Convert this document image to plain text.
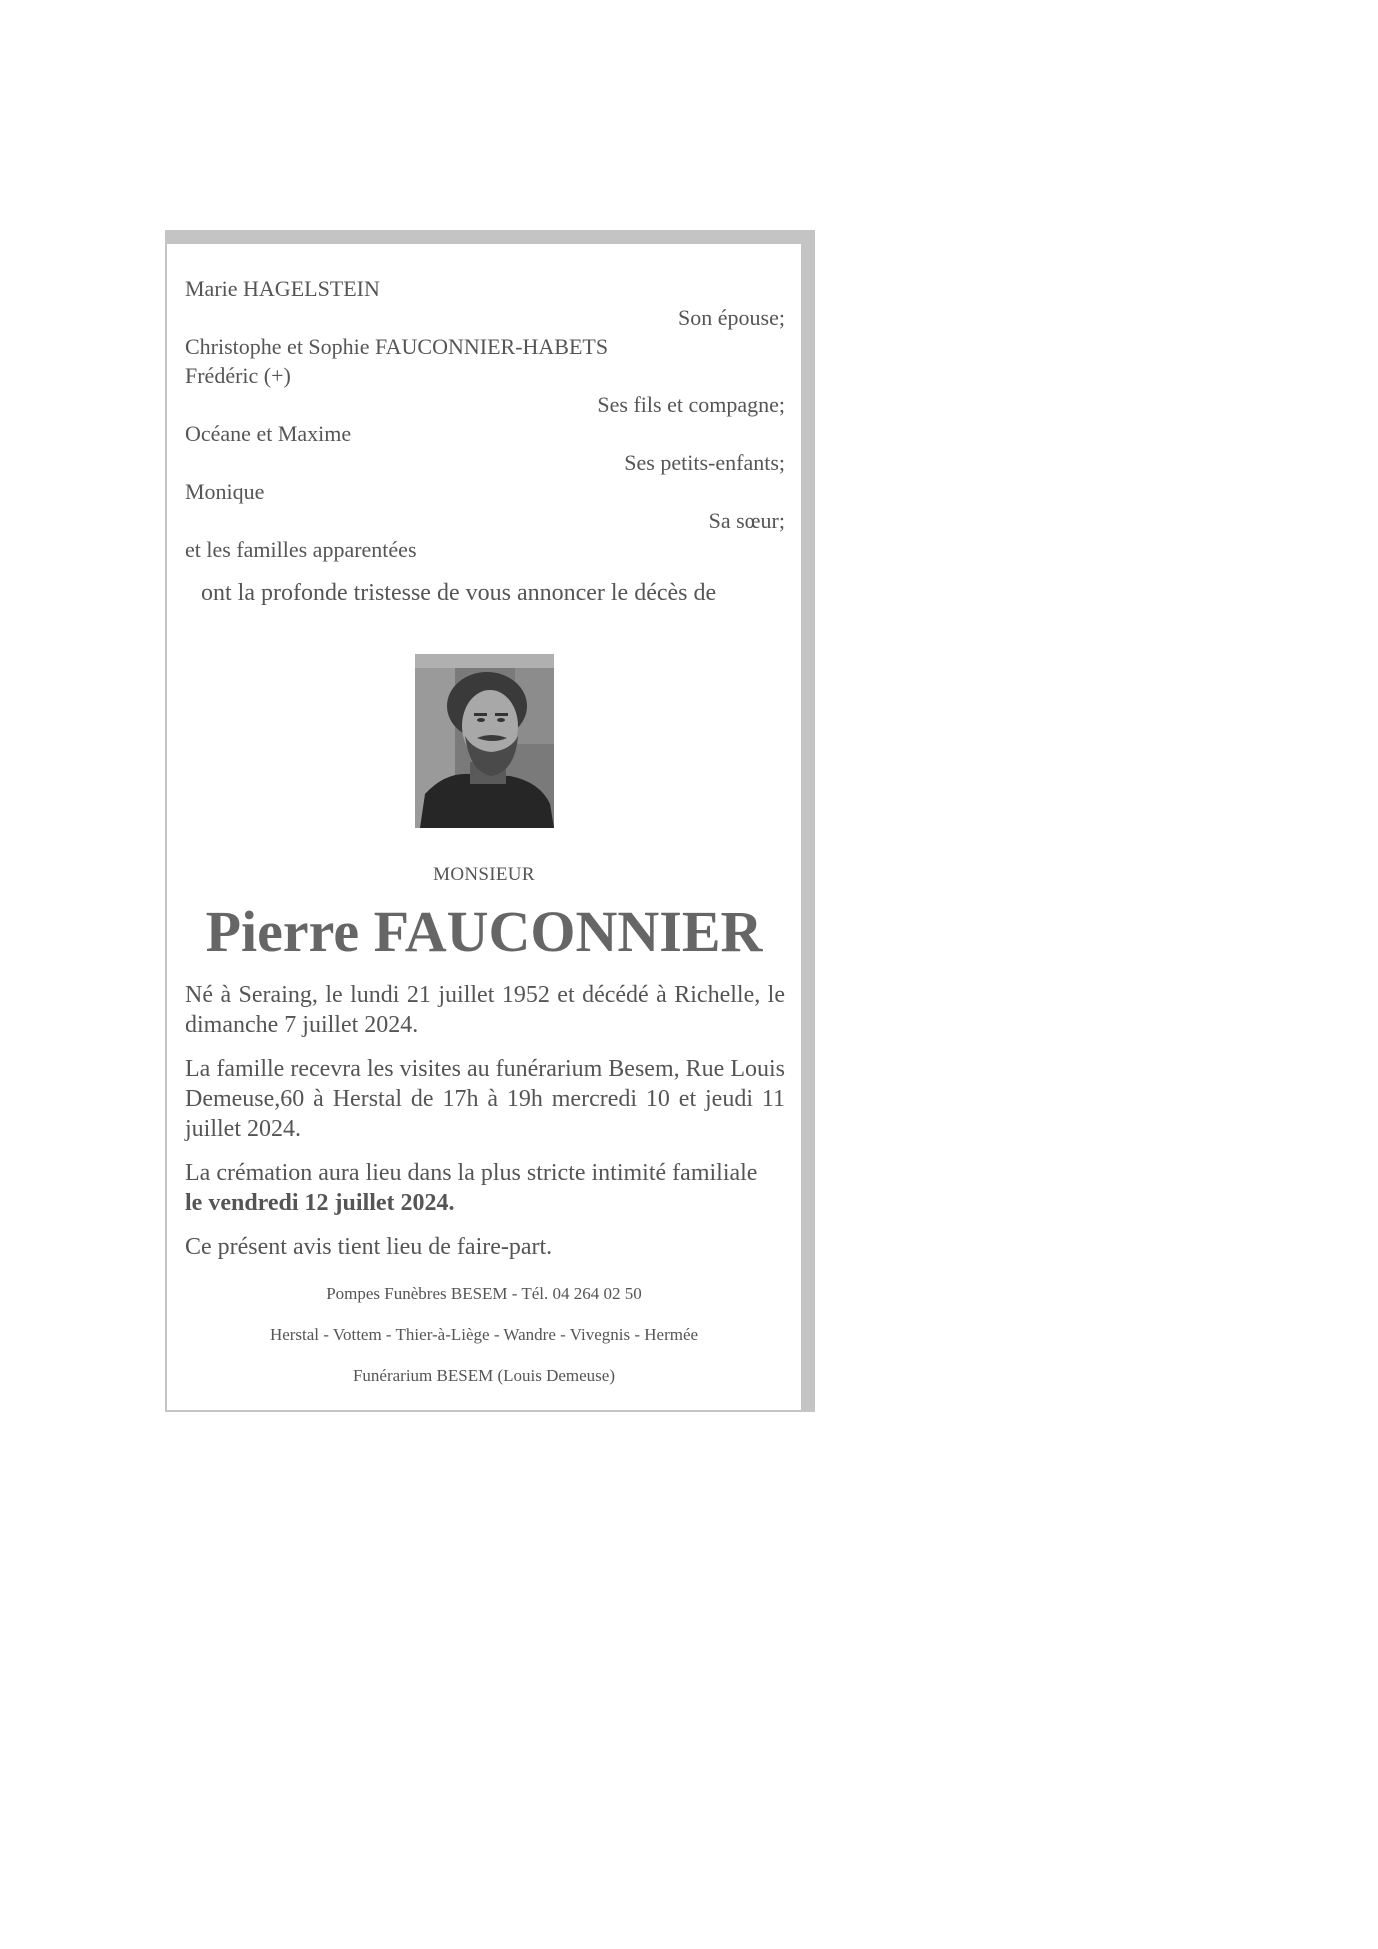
Marie HAGELSTEIN
Son épouse;
Christophe et Sophie FAUCONNIER-HABETS
Frédéric (+)
Ses fils et compagne;
Océane et Maxime
Ses petits-enfants;
Monique
Sa sœur;
et les familles apparentées
ont la profonde tristesse de vous annoncer le décès de
MONSIEUR
Pierre FAUCONNIER

Né à Seraing, le lundi 21 juillet 1952 et décédé à Richelle, le dimanche 7 juillet 2024.

La famille recevra les visites au funérarium Besem, Rue Louis Demeuse,60 à Herstal de 17h à 19h mercredi 10 et jeudi 11 juillet 2024.

La crémation aura lieu dans la plus stricte intimité familiale
le vendredi 12 juillet 2024.

Ce présent avis tient lieu de faire-part.

Pompes Funèbres BESEM - Tél. 04 264 02 50
Herstal - Vottem - Thier-à-Liège - Wandre - Vivegnis - Hermée
Funérarium BESEM (Louis Demeuse)
